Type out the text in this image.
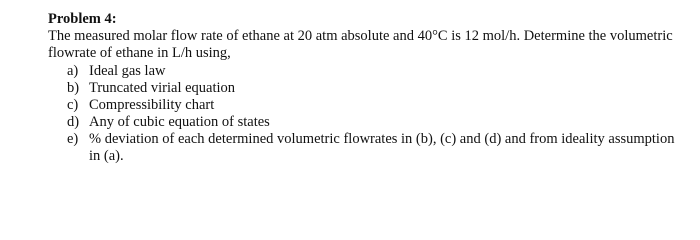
Problem 4:

The measured molar flow rate of ethane at 20 atm absolute and 40°C is 12 mol/h. Determine the volumetric flowrate of ethane in L/h using,

a) Ideal gas law
b) Truncated virial equation
c) Compressibility chart
d) Any of cubic equation of states
e) % deviation of each determined volumetric flowrates in (b), (c) and (d) and from ideality assumption in (a).
